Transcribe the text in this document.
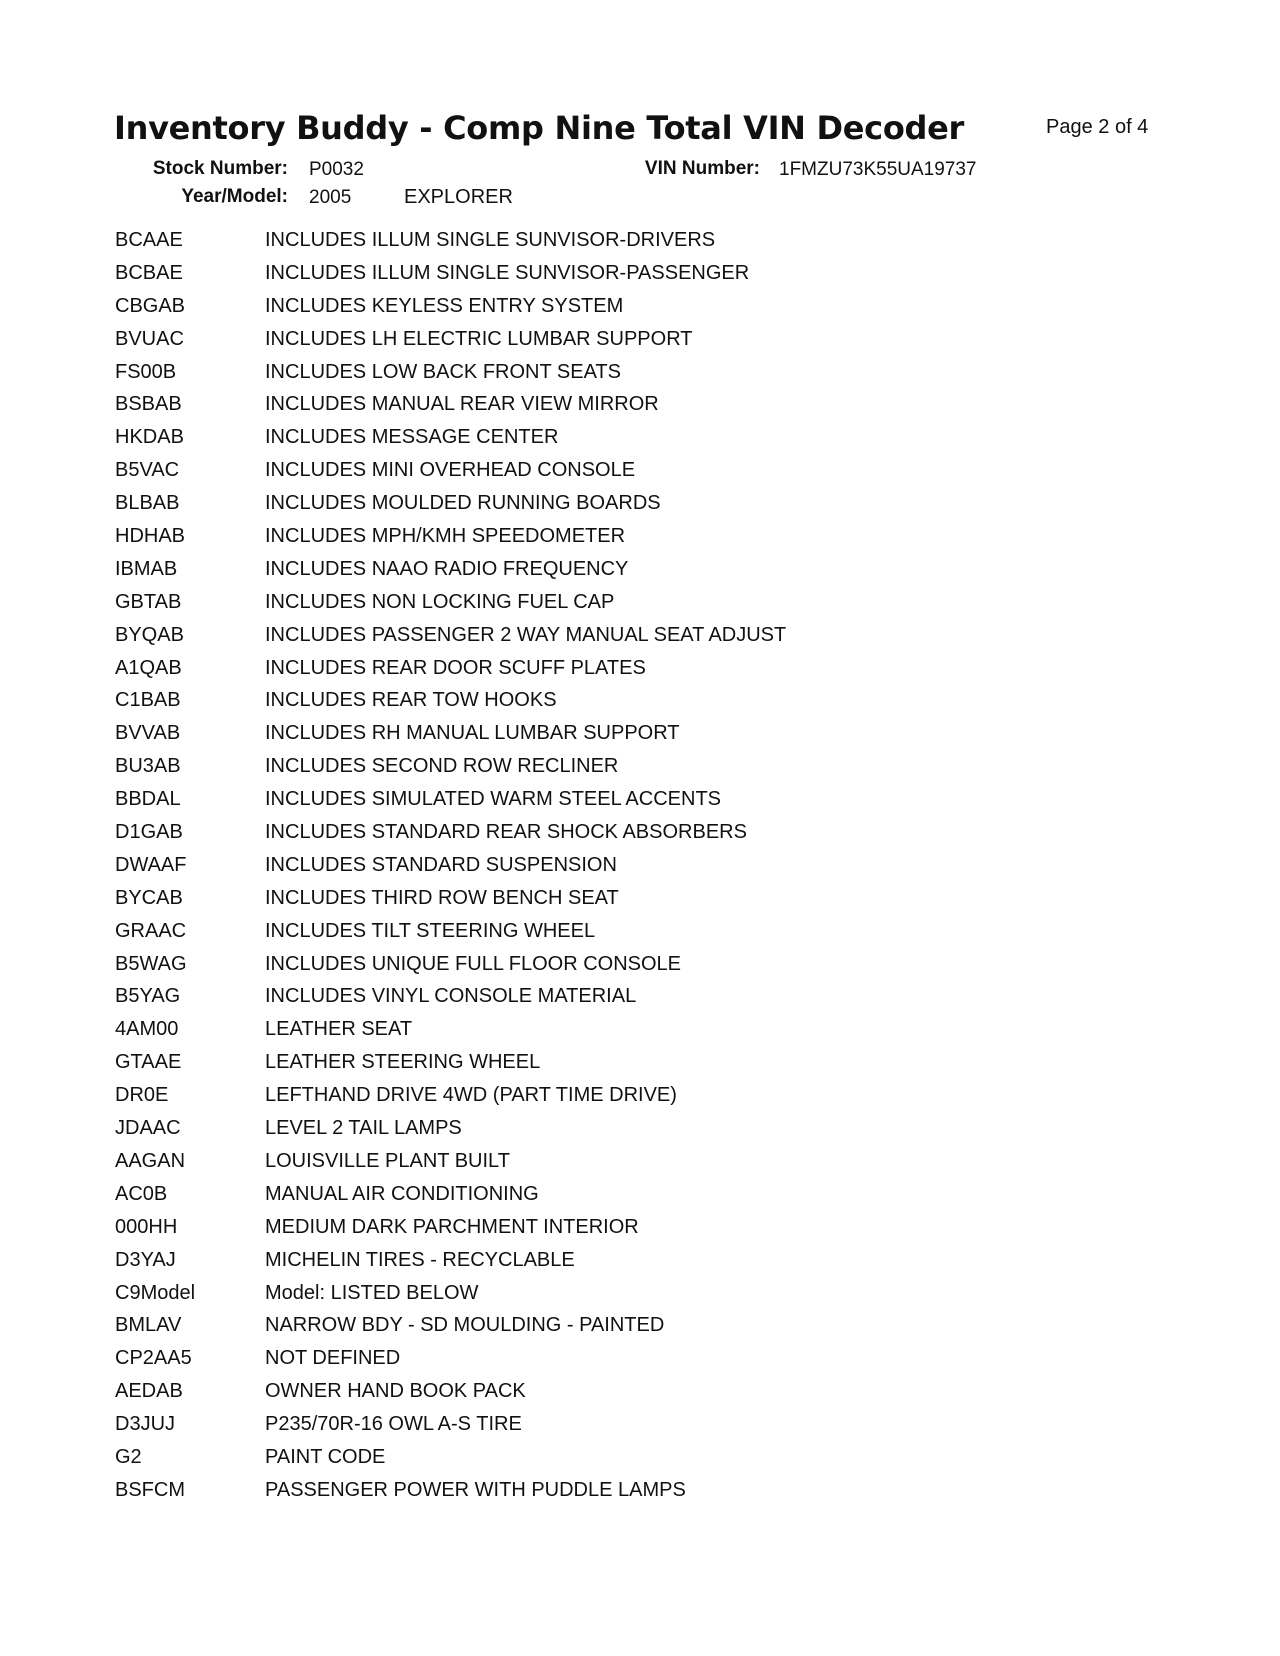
Inventory Buddy - Comp Nine Total VIN Decoder	Page 2 of 4
Stock Number: P0032	VIN Number: 1FMZU73K55UA19737
Year/Model: 2005	EXPLORER
BCAAE	INCLUDES ILLUM SINGLE SUNVISOR-DRIVERS
BCBAE	INCLUDES ILLUM SINGLE SUNVISOR-PASSENGER
CBGAB	INCLUDES KEYLESS ENTRY SYSTEM
BVUAC	INCLUDES LH ELECTRIC LUMBAR SUPPORT
FS00B	INCLUDES LOW BACK FRONT SEATS
BSBAB	INCLUDES MANUAL REAR VIEW MIRROR
HKDAB	INCLUDES MESSAGE CENTER
B5VAC	INCLUDES MINI OVERHEAD CONSOLE
BLBAB	INCLUDES MOULDED RUNNING BOARDS
HDHAB	INCLUDES MPH/KMH SPEEDOMETER
IBMAB	INCLUDES NAAO RADIO FREQUENCY
GBTAB	INCLUDES NON LOCKING FUEL CAP
BYQAB	INCLUDES PASSENGER 2 WAY MANUAL SEAT ADJUST
A1QAB	INCLUDES REAR DOOR SCUFF PLATES
C1BAB	INCLUDES REAR TOW HOOKS
BVVAB	INCLUDES RH MANUAL LUMBAR SUPPORT
BU3AB	INCLUDES SECOND ROW RECLINER
BBDAL	INCLUDES SIMULATED WARM STEEL ACCENTS
D1GAB	INCLUDES STANDARD REAR SHOCK ABSORBERS
DWAAF	INCLUDES STANDARD SUSPENSION
BYCAB	INCLUDES THIRD ROW BENCH SEAT
GRAAC	INCLUDES TILT STEERING WHEEL
B5WAG	INCLUDES UNIQUE FULL FLOOR CONSOLE
B5YAG	INCLUDES VINYL CONSOLE MATERIAL
4AM00	LEATHER SEAT
GTAAE	LEATHER STEERING WHEEL
DR0E	LEFTHAND DRIVE 4WD (PART TIME DRIVE)
JDAAC	LEVEL 2 TAIL LAMPS
AAGAN	LOUISVILLE PLANT BUILT
AC0B	MANUAL AIR CONDITIONING
000HH	MEDIUM DARK PARCHMENT INTERIOR
D3YAJ	MICHELIN TIRES - RECYCLABLE
C9Model	Model: LISTED BELOW
BMLAV	NARROW BDY - SD MOULDING - PAINTED
CP2AA5	NOT DEFINED
AEDAB	OWNER HAND BOOK PACK
D3JUJ	P235/70R-16 OWL A-S TIRE
G2	PAINT CODE
BSFCM	PASSENGER POWER WITH PUDDLE LAMPS
